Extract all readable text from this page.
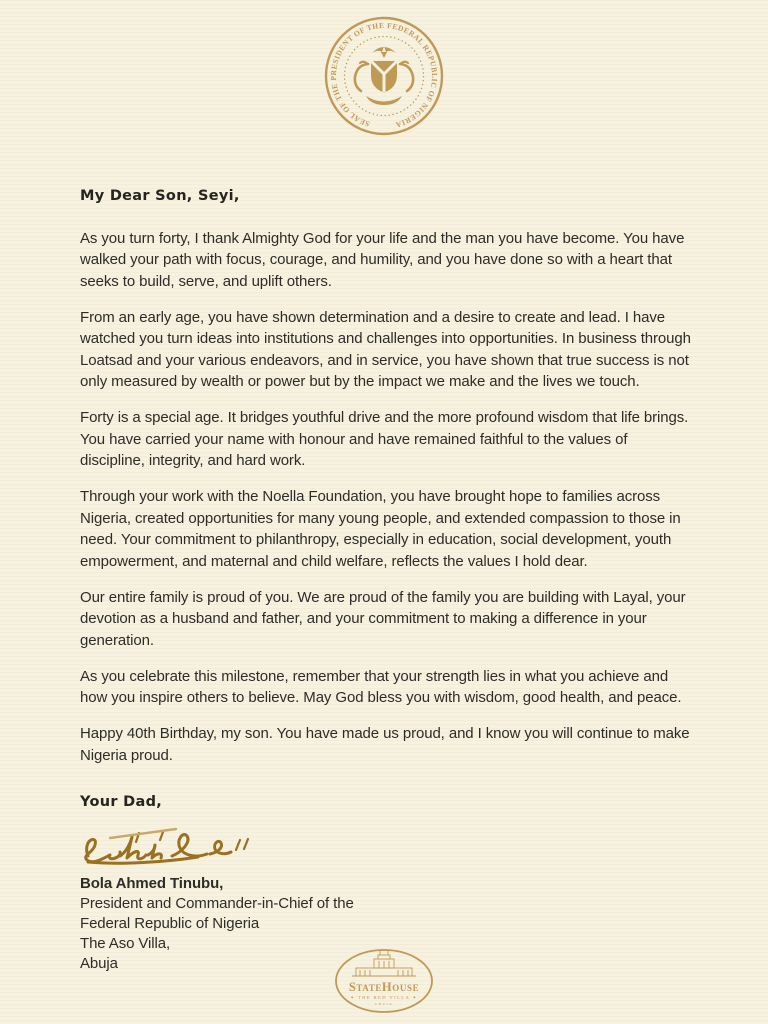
SEAL OF THE PRESIDENT OF THE FEDERAL REPUBLIC OF NIGERIA

My Dear Son, Seyi,

As you turn forty, I thank Almighty God for your life and the man you have become. You have walked your path with focus, courage, and humility, and you have done so with a heart that seeks to build, serve, and uplift others.

From an early age, you have shown determination and a desire to create and lead. I have watched you turn ideas into institutions and challenges into opportunities. In business through Loatsad and your various endeavors, and in service, you have shown that true success is not only measured by wealth or power but by the impact we make and the lives we touch.

Forty is a special age. It bridges youthful drive and the more profound wisdom that life brings. You have carried your name with honour and have remained faithful to the values of discipline, integrity, and hard work.

Through your work with the Noella Foundation, you have brought hope to families across Nigeria, created opportunities for many young people, and extended compassion to those in need. Your commitment to philanthropy, especially in education, social development, youth empowerment, and maternal and child welfare, reflects the values I hold dear.

Our entire family is proud of you. We are proud of the family you are building with Layal, your devotion as a husband and father, and your commitment to making a difference in your generation.

As you celebrate this milestone, remember that your strength lies in what you achieve and how you inspire others to believe. May God bless you with wisdom, good health, and peace.

Happy 40th Birthday, my son. You have made us proud, and I know you will continue to make Nigeria proud.

Your Dad,

Bola Ahmed Tinubu,
President and Commander-in-Chief of the
Federal Republic of Nigeria
The Aso Villa,
Abuja
StateHouse
✦ THE RED VILLA ✦
ABUJA
